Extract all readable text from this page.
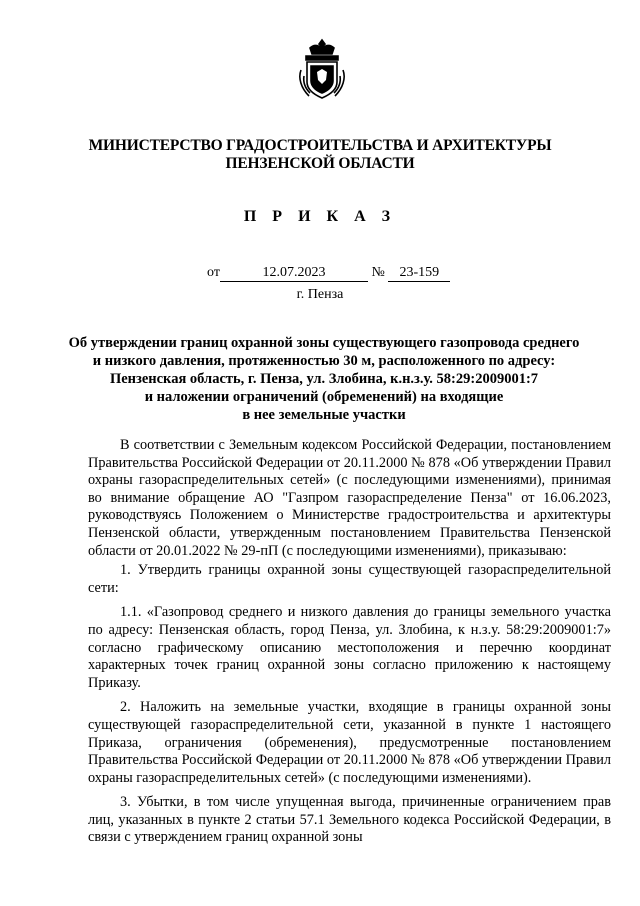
МИНИСТЕРСТВО ГРАДОСТРОИТЕЛЬСТВА И АРХИТЕКТУРЫ
ПЕНЗЕНСКОЙ ОБЛАСТИ
П Р И К А З
от	12.07.2023	№ 23-159
г. Пенза
Об утверждении границ охранной зоны существующего газопровода среднего
и низкого давления, протяженностью 30 м, расположенного по адресу:
Пензенская область, г. Пенза, ул. Злобина, к.н.з.у. 58:29:2009001:7
и наложении ограничений (обременений) на входящие
в нее земельные участки

В соответствии с Земельным кодексом Российской Федерации, постановлением Правительства Российской Федерации от 20.11.2000 № 878 «Об утверждении Правил охраны газораспределительных сетей» (с последующими изменениями), принимая во внимание обращение АО "Газпром газораспределение Пенза" от 16.06.2023, руководствуясь Положением о Министерстве градостроительства и архитектуры Пензенской области, утвержденным постановлением Правительства Пензенской области от 20.01.2022 № 29-пП (с последующими изменениями), приказываю:

1. Утвердить границы охранной зоны существующей газораспределительной сети:

1.1. «Газопровод среднего и низкого давления до границы земельного участка по адресу: Пензенская область, город Пенза, ул. Злобина, к н.з.у. 58:29:2009001:7» согласно графическому описанию местоположения и перечню координат характерных точек границ охранной зоны согласно приложению к настоящему Приказу.

2. Наложить на земельные участки, входящие в границы охранной зоны существующей газораспределительной сети, указанной в пункте 1 настоящего Приказа, ограничения (обременения), предусмотренные постановлением Правительства Российской Федерации от 20.11.2000 № 878 «Об утверждении Правил охраны газораспределительных сетей» (с последующими изменениями).

3. Убытки, в том числе упущенная выгода, причиненные ограничением прав лиц, указанных в пункте 2 статьи 57.1 Земельного кодекса Российской Федерации, в связи с утверждением границ охранной зоны
